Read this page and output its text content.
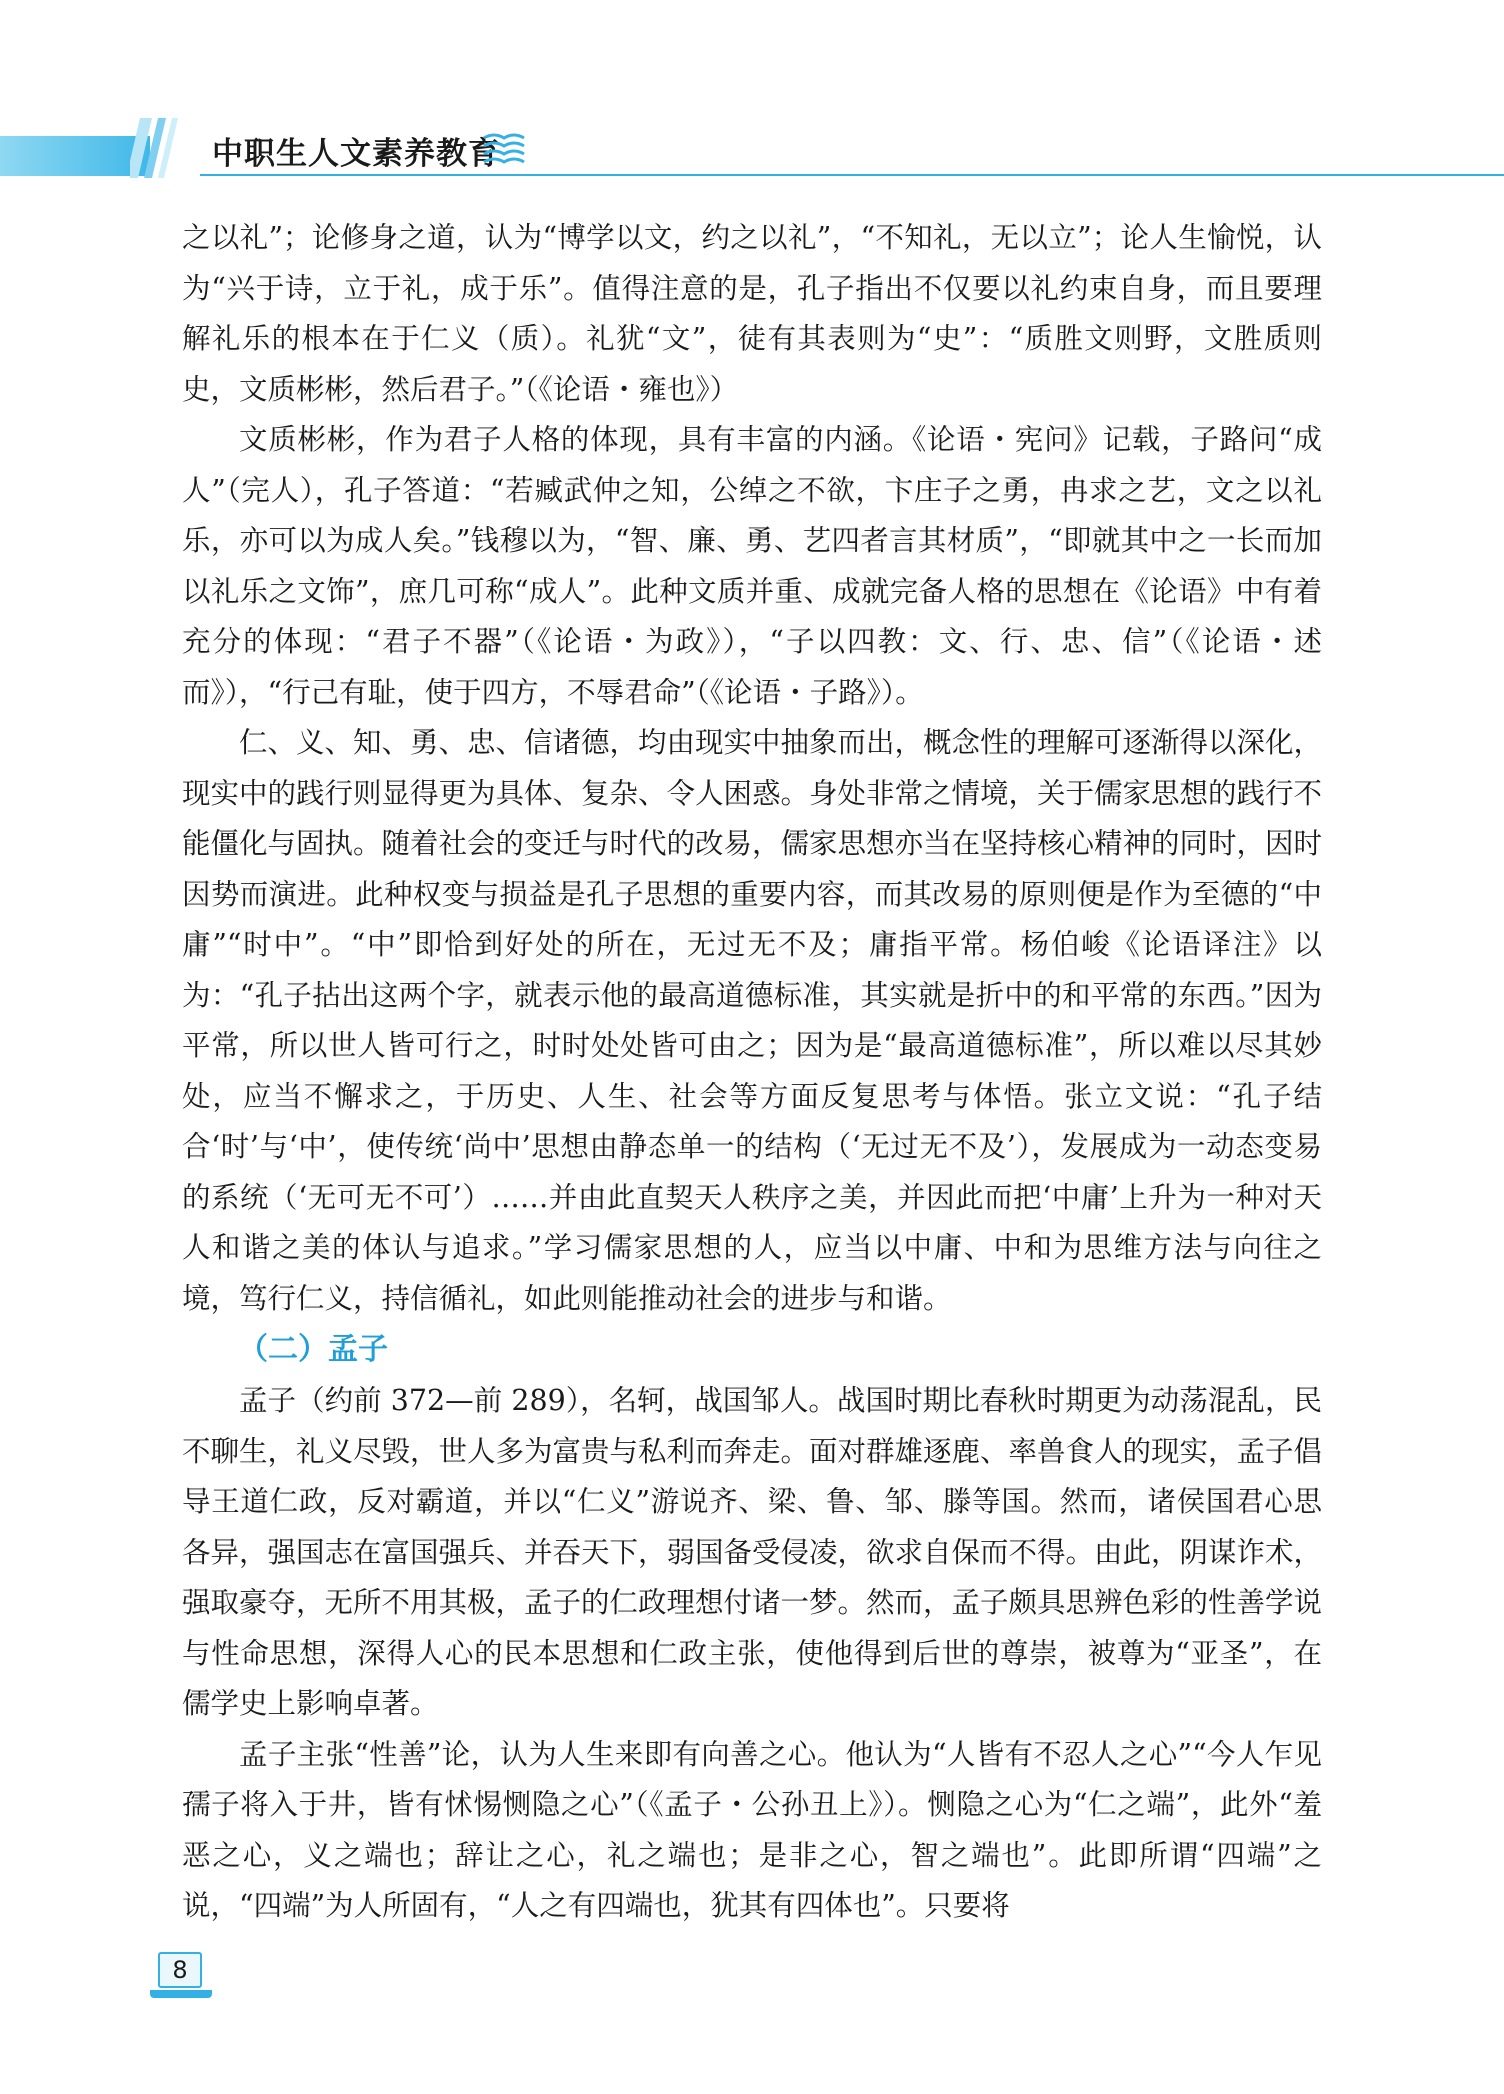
中职生人文素养教育

之以礼”；论修身之道，认为“博学以文，约之以礼”，“不知礼，无以立”；论人生愉悦，认为“兴于诗，立于礼，成于乐”。值得注意的是，孔子指出不仅要以礼约束自身，而且要理解礼乐的根本在于仁义（质）。礼犹“文”，徒有其表则为“史”：“质胜文则野，文胜质则史，文质彬彬，然后君子。”（《论语・雍也》）

文质彬彬，作为君子人格的体现，具有丰富的内涵。《论语・宪问》记载，子路问“成人”（完人），孔子答道：“若臧武仲之知，公绰之不欲，卞庄子之勇，冉求之艺，文之以礼乐，亦可以为成人矣。”钱穆以为，“智、廉、勇、艺四者言其材质”，“即就其中之一长而加以礼乐之文饰”，庶几可称“成人”。此种文质并重、成就完备人格的思想在《论语》中有着充分的体现：“君子不器”（《论语・为政》），“子以四教：文、行、忠、信”（《论语・述而》），“行己有耻，使于四方，不辱君命”（《论语・子路》）。

仁、义、知、勇、忠、信诸德，均由现实中抽象而出，概念性的理解可逐渐得以深化，现实中的践行则显得更为具体、复杂、令人困惑。身处非常之情境，关于儒家思想的践行不能僵化与固执。随着社会的变迁与时代的改易，儒家思想亦当在坚持核心精神的同时，因时因势而演进。此种权变与损益是孔子思想的重要内容，而其改易的原则便是作为至德的“中庸”“时中”。“中”即恰到好处的所在，无过无不及；庸指平常。杨伯峻《论语译注》以为：“孔子拈出这两个字，就表示他的最高道德标准，其实就是折中的和平常的东西。”因为平常，所以世人皆可行之，时时处处皆可由之；因为是“最高道德标准”，所以难以尽其妙处，应当不懈求之，于历史、人生、社会等方面反复思考与体悟。张立文说：“孔子结合‘时’与‘中’，使传统‘尚中’思想由静态单一的结构（‘无过无不及’），发展成为一动态变易的系统（‘无可无不可’）……并由此直契天人秩序之美，并因此而把‘中庸’上升为一种对天人和谐之美的体认与追求。”学习儒家思想的人，应当以中庸、中和为思维方法与向往之境，笃行仁义，持信循礼，如此则能推动社会的进步与和谐。

（二）孟子

孟子（约前 372—前 289），名轲，战国邹人。战国时期比春秋时期更为动荡混乱，民不聊生，礼义尽毁，世人多为富贵与私利而奔走。面对群雄逐鹿、率兽食人的现实，孟子倡导王道仁政，反对霸道，并以“仁义”游说齐、梁、鲁、邹、滕等国。然而，诸侯国君心思各异，强国志在富国强兵、并吞天下，弱国备受侵凌，欲求自保而不得。由此，阴谋诈术，强取豪夺，无所不用其极，孟子的仁政理想付诸一梦。然而，孟子颇具思辨色彩的性善学说与性命思想，深得人心的民本思想和仁政主张，使他得到后世的尊崇，被尊为“亚圣”，在儒学史上影响卓著。

孟子主张“性善”论，认为人生来即有向善之心。他认为“人皆有不忍人之心”“今人乍见孺子将入于井，皆有怵惕恻隐之心”（《孟子・公孙丑上》）。恻隐之心为“仁之端”，此外“羞恶之心，义之端也；辞让之心，礼之端也；是非之心，智之端也”。此即所谓“四端”之说，“四端”为人所固有，“人之有四端也，犹其有四体也”。只要将

8
